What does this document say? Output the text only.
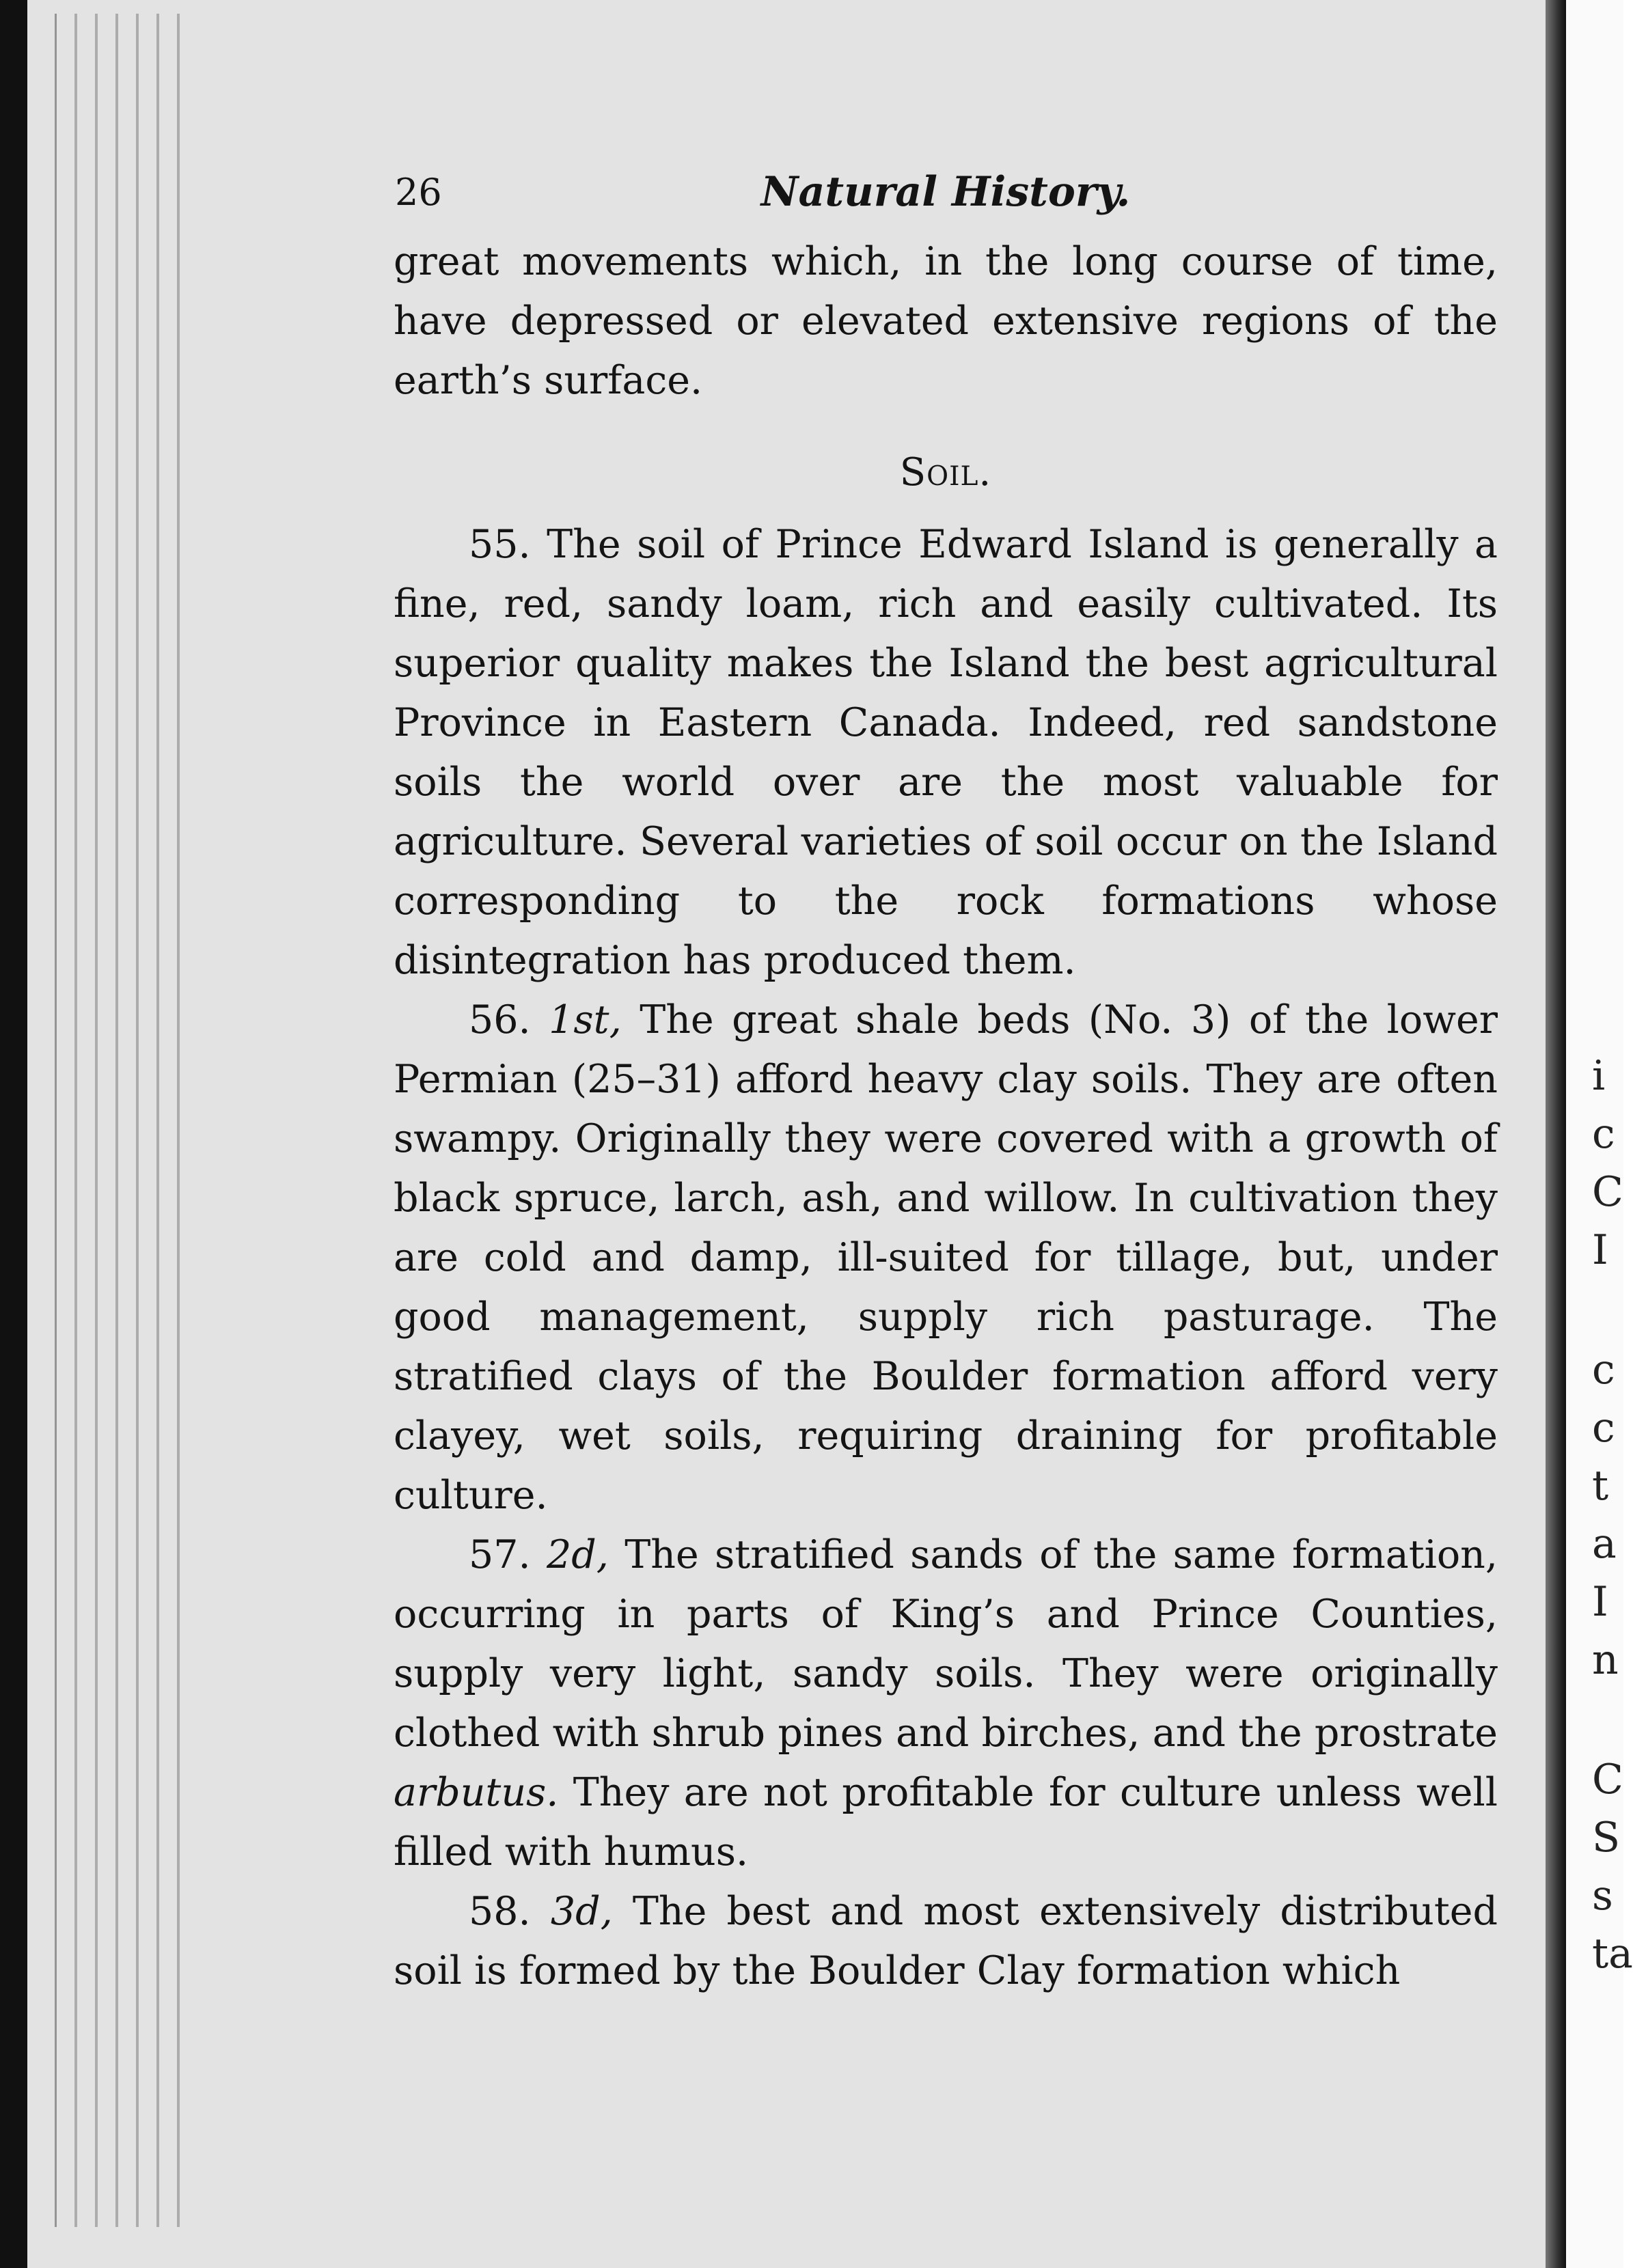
i
c
C
I
c
c
t
a
I
n
C
S
s
ta
26	Natural History.

great movements which, in the long course of time, have depressed or elevated extensive regions of the earth’s surface.

Soil.

55. The soil of Prince Edward Island is generally a fine, red, sandy loam, rich and easily cultivated. Its superior quality makes the Island the best agricultural Province in Eastern Canada. Indeed, red sandstone soils the world over are the most valuable for agriculture. Several varieties of soil occur on the Island corresponding to the rock formations whose disintegration has produced them.

56. 1st, The great shale beds (No. 3) of the lower Permian (25–31) afford heavy clay soils. They are often swampy. Originally they were covered with a growth of black spruce, larch, ash, and willow. In cultivation they are cold and damp, ill-suited for tillage, but, under good management, supply rich pasturage. The stratified clays of the Boulder formation afford very clayey, wet soils, requiring draining for profitable culture.

57. 2d, The stratified sands of the same formation, occurring in parts of King’s and Prince Counties, supply very light, sandy soils. They were originally clothed with shrub pines and birches, and the prostrate arbutus. They are not profitable for culture unless well filled with humus.

58. 3d, The best and most extensively distributed soil is formed by the Boulder Clay formation which
